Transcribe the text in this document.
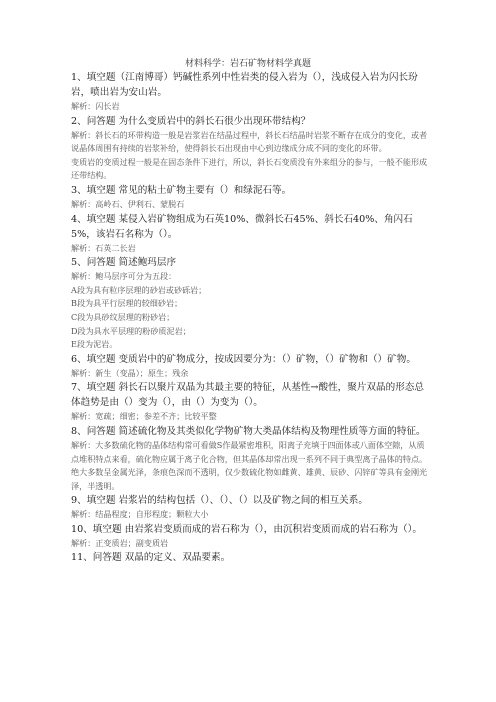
材料科学：岩石矿物材料学真题
1、填空题（江南博哥）钙碱性系列中性岩类的侵入岩为（），浅成侵入岩为闪长玢岩，喷出岩为安山岩。
解析：闪长岩
2、问答题 为什么变质岩中的斜长石很少出现环带结构？
解析：斜长石的环带构造一般是岩浆岩在结晶过程中，斜长石结晶时岩浆不断存在成分的变化，或者说晶体周围有持续的岩浆补给，使得斜长石出现由中心到边缘成分成不同的变化的环带。
变质岩的变质过程一般是在固态条件下进行，所以，斜长石变质没有外来组分的参与，一般不能形成还带结构。
3、填空题 常见的粘土矿物主要有（）和绿泥石等。
解析：高岭石、伊利石、蒙脱石
4、填空题 某侵入岩矿物组成为石英10%、微斜长石45%、斜长石40%、角闪石5%，该岩石名称为（）。
解析：石英二长岩
5、问答题 简述鲍玛层序
解析：鲍马层序可分为五段：
A段为具有粒序层理的砂岩或砂砾岩；
B段为具平行层理的较细砂岩；
C段为具砂纹层理的粉砂岩；
D段为具水平层理的粉砂质泥岩；
E段为泥岩。
6、填空题 变质岩中的矿物成分，按成因要分为：（）矿物，（）矿物和（）矿物。
解析：新生（变晶）；原生；残余
7、填空题 斜长石以聚片双晶为其最主要的特征，从基性→酸性，聚片双晶的形态总体趋势是由（）变为（），由（）为变为（）。
解析：宽疏；细密；参差不齐；比较平整
8、问答题 简述硫化物及其类似化学物矿物大类晶体结构及物理性质等方面的特征。
解析：大多数硫化物的晶体结构常可看做S作最紧密堆积，阳离子充填于四面体或八面体空隙，从质点堆积特点来看，硫化物应属于离子化合物，但其晶体却常出现一系列不同于典型离子晶体的特点。绝大多数呈金属光泽，条痕色深而不透明，仅少数硫化物如雌黄、雄黄、辰砂、闪锌矿等具有金刚光泽，半透明。
9、填空题 岩浆岩的结构包括（）、（）、（）以及矿物之间的相互关系。
解析：结晶程度；自形程度；颗粒大小
10、填空题 由岩浆岩变质而成的岩石称为（），由沉积岩变质而成的岩石称为（）。
解析：正变质岩；副变质岩
11、问答题 双晶的定义、双晶要素。
